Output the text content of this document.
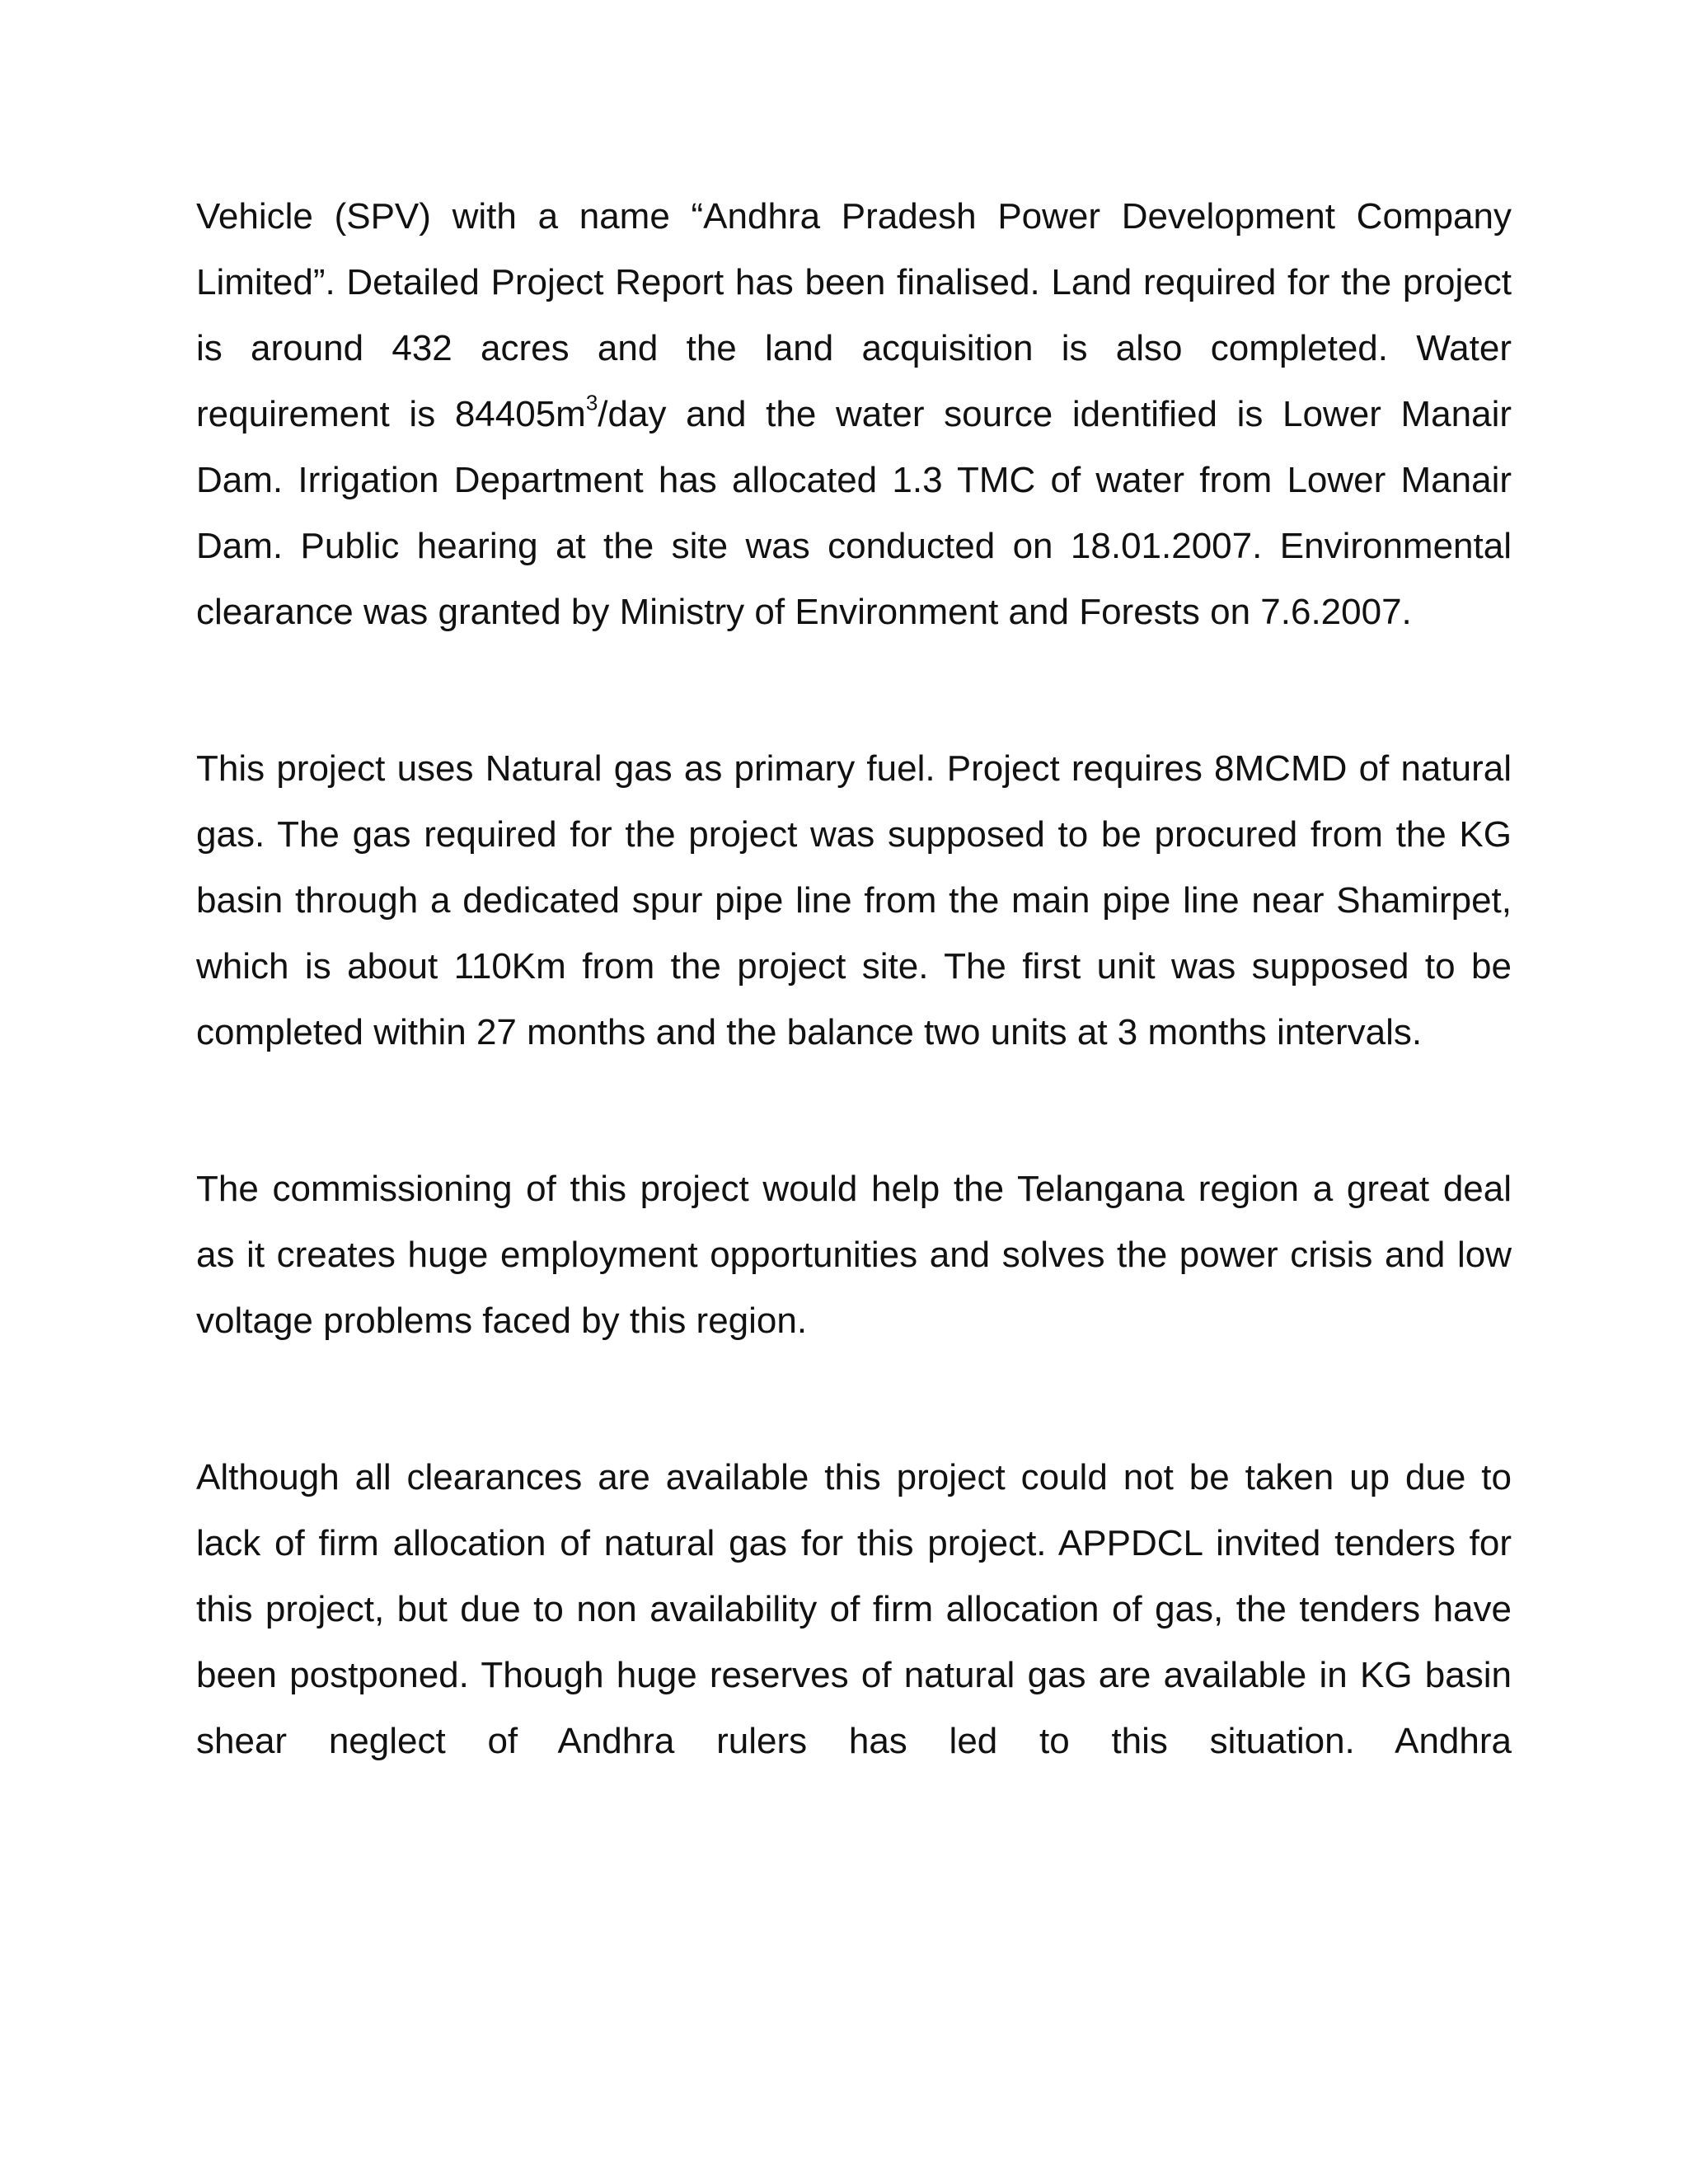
Vehicle (SPV) with a name “Andhra Pradesh Power Development Company Limited”. Detailed Project Report has been finalised. Land required for the project is around 432 acres and the land acquisition is also completed. Water requirement is $84405m^3$/day and the water source identified is Lower Manair Dam. Irrigation Department has allocated 1.3 TMC of water from Lower Manair Dam. Public hearing at the site was conducted on 18.01.2007. Environmental clearance was granted by Ministry of Environment and Forests on 7.6.2007.

This project uses Natural gas as primary fuel. Project requires 8MCMD of natural gas. The gas required for the project was supposed to be procured from the KG basin through a dedicated spur pipe line from the main pipe line near Shamirpet, which is about 110Km from the project site. The first unit was supposed to be completed within 27 months and the balance two units at 3 months intervals.

The commissioning of this project would help the Telangana region a great deal as it creates huge employment opportunities and solves the power crisis and low voltage problems faced by this region.

Although all clearances are available this project could not be taken up due to lack of firm allocation of natural gas for this project. APPDCL invited tenders for this project, but due to non availability of firm allocation of gas, the tenders have been postponed. Though huge reserves of natural gas are available in KG basin shear neglect of Andhra rulers has led to this situation. Andhra
